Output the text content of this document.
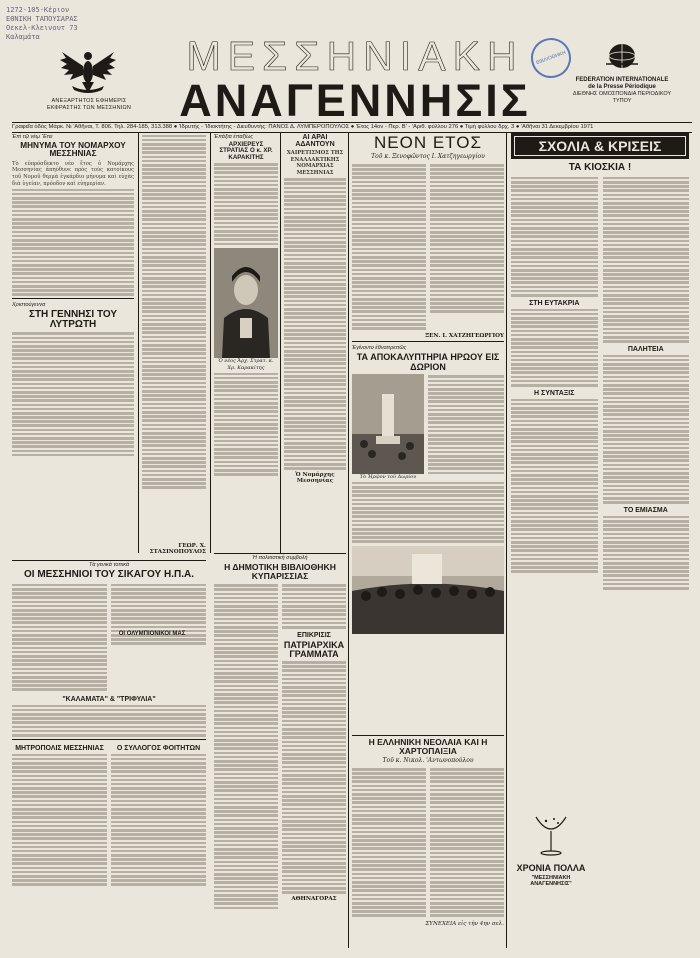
1272-105-Κέριον
ΕΘΝΙΚΗ ΤΑΠΟΥΣΑΡΑΣ
Οεκελ-Κλεινουτ 73
Καλαμάτα
ΑΝΕΞΑΡΤΗΤΟΣ ΕΦΗΜΕΡΙΣ ΕΚΦΡΑΣΤΗΣ ΤΩΝ ΜΕΣΣΗΝΙΩΝ
ΜΕΣΣΗΝΙΑΚΗ
ΑΝΑΓΕΝΝΗΣΙΣ
ΒΙΒΛΙΟΘΗΚΗ
FEDERATION INTERNATIONALE de la Presse Périodique
ΔΙΕΘΝΗΣ ΟΜΟΣΠΟΝΔΙΑ ΠΕΡΙΟΔΙΚΟΥ ΤΥΠΟΥ
Γραφεῖα ὁδὸς Μάρκ. Νι 'Αθῆναι, Τ. 806. Τηλ. 284-185, 313.388 ● 'Ιδρυτὴς - 'Ιδιοκτήτης - Διευθυντὴς: ΠΑΝΟΣ Δ. ΛΥΜΠΕΡΟΠΟΥΛΟΣ ● 'Ετος 14ον - Περ. Β' - 'Αριθ. φύλλου 276 ● Τιμὴ φύλλου δρχ. 3 ● 'Αθῆναι 31 Δεκεμβρίου 1971
Ἐπὶ τῷ νέῳ Ἔτει
ΜΗΝΥΜΑ ΤΟΥ ΝΟΜΑΡΧΟΥ ΜΕΣΣΗΝΙΑΣ
Τὸ εὐπρόσδεκτο νέο ἔτος ὁ Νομάρχης Μεσσηνίας ἀπηύθυνε πρὸς τοὺς κατοίκους τοῦ Νομοῦ θερμὰ ἐγκάρδιο μήνυμα καὶ εὐχὰς διὰ ὑγείαν, πρόοδον καὶ εὐημερίαν.
Χριστούγεννα
ΣΤΗ ΓΕΝΝΗΣΙ ΤΟΥ ΛΥΤΡΩΤΗ
ΓΕΩΡ. Χ. ΣΤΑΣΙΝΟΠΟΥΛΟΣ
Ἐπάξια ἐπαξίως
ΑΡΧΙΕΡΕΥΣ ΣΤΡΑΤΙΑΣ Ο κ. ΧΡ. ΚΑΡΑΚΙΤΗΣ
Ὁ νέος Ἀρχ. Στρατ. κ. Χρ. Καρακίτης
ΑΙ ΑΡΑΙ ΑΔΑΝΤΟΥΝ
ΧΑΙΡΕΤΙΣΜΟΣ ΤΗΣ ΕΝΑΛΛΑΚΤΙΚΗΣ ΝΟΜΑΡΧΙΑΣ ΜΕΣΣΗΝΙΑΣ
Ὁ Νομάρχης Μεσσηνίας
ΝΕΟΝ ΕΤΟΣ
Τοῦ κ. Ξενοφῶντος Ι. Χατζηγεωργίου
ΞΕΝ. Ι. ΧΑΤΖΗΓΕΩΡΓΙΟΥ
Ἐγίνοντο ἐθνοπρεπῶς
ΤΑ ΑΠΟΚΑΛΥΠΤΗΡΙΑ ΗΡΩΟΥ ΕΙΣ ΔΩΡΙΟΝ
Τὸ Ἡρῷον τοῦ Δωρίου
ΣΧΟΛΙΑ & ΚΡΙΣΕΙΣ
ΤΑ ΚΙΟΣΚΙΑ !
ΣΤΗ ΕΥΤΑΚΡΙΑ
Η ΣΥΝΤΑΞΙΣ
ΠΑΛΗΤΕΙΑ
ΤΟ ΕΜΙΑΣΜΑ
ΧΡΟΝΙΑ ΠΟΛΛΑ
"ΜΕΣΣΗΝΙΑΚΗ ΑΝΑΓΕΝΝΗΣΙΣ"
Τὰ γενικὰ τοπικά
ΟΙ ΜΕΣΣΗΝΙΟΙ ΤΟΥ ΣΙΚΑΓΟΥ Η.Π.Α.
"ΚΑΛΑΜΑΤΑ" & "ΤΡΙΦΥΛΙΑ"
ΜΗΤΡΟΠΟΛΙΣ ΜΕΣΣΗΝΙΑΣ	Ο ΣΥΛΛΟΓΟΣ ΦΟΙΤΗΤΩΝ
ΟΙ ΟΛΥΜΠΙΟΝΙΚΟΙ ΜΑΣ
Ἡ πολιτιστικὴ συμβολὴ
Η ΔΗΜΟΤΙΚΗ ΒΙΒΛΙΟΘΗΚΗ ΚΥΠΑΡΙΣΣΙΑΣ
ΕΠΙΚΡΙΣΙΣ
ΠΑΤΡΙΑΡΧΙΚΑ ΓΡΑΜΜΑΤΑ
ΑΘΗΝΑΓΟΡΑΣ
Η ΕΛΛΗΝΙΚΗ ΝΕΟΛΑΙΑ ΚΑΙ Η ΧΑΡΤΟΠΑΙΞΙΑ
Τοῦ κ. Νικολ. 'Αντωνοπούλου
ΣΥΝΕΧΕΙΑ εἰς τὴν 4ην σελ.
